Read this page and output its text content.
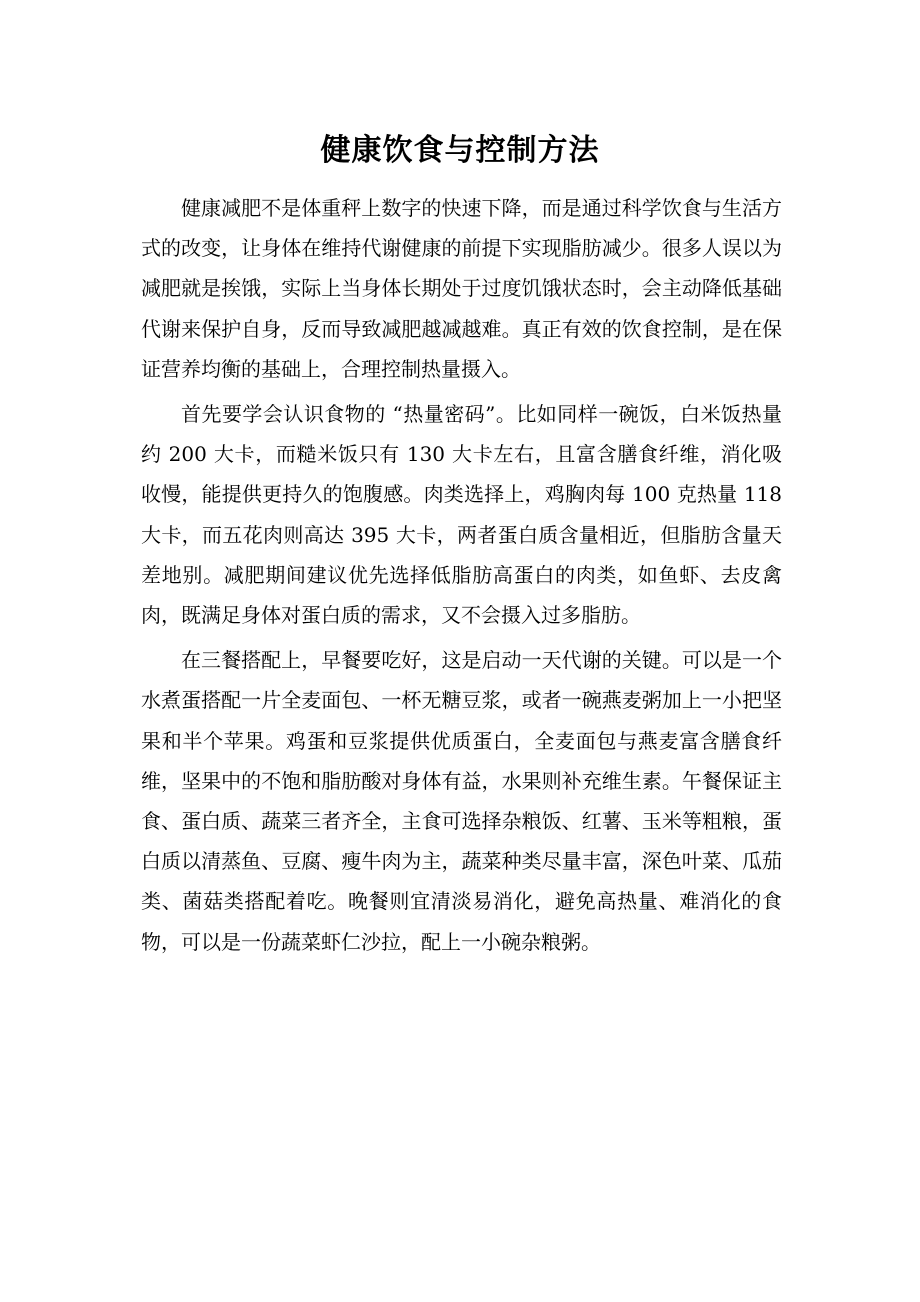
健康饮食与控制方法

健康减肥不是体重秤上数字的快速下降，而是通过科学饮食与生活方式的改变，让身体在维持代谢健康的前提下实现脂肪减少。很多人误以为减肥就是挨饿，实际上当身体长期处于过度饥饿状态时，会主动降低基础代谢来保护自身，反而导致减肥越减越难。真正有效的饮食控制，是在保证营养均衡的基础上，合理控制热量摄入。

首先要学会认识食物的 “热量密码”。比如同样一碗饭，白米饭热量约 200 大卡，而糙米饭只有 130 大卡左右，且富含膳食纤维，消化吸收慢，能提供更持久的饱腹感。肉类选择上，鸡胸肉每 100 克热量 118 大卡，而五花肉则高达 395 大卡，两者蛋白质含量相近，但脂肪含量天差地别。减肥期间建议优先选择低脂肪高蛋白的肉类，如鱼虾、去皮禽肉，既满足身体对蛋白质的需求，又不会摄入过多脂肪。

在三餐搭配上，早餐要吃好，这是启动一天代谢的关键。可以是一个水煮蛋搭配一片全麦面包、一杯无糖豆浆，或者一碗燕麦粥加上一小把坚果和半个苹果。鸡蛋和豆浆提供优质蛋白，全麦面包与燕麦富含膳食纤维，坚果中的不饱和脂肪酸对身体有益，水果则补充维生素。午餐保证主食、蛋白质、蔬菜三者齐全，主食可选择杂粮饭、红薯、玉米等粗粮，蛋白质以清蒸鱼、豆腐、瘦牛肉为主，蔬菜种类尽量丰富，深色叶菜、瓜茄类、菌菇类搭配着吃。晚餐则宜清淡易消化，避免高热量、难消化的食物，可以是一份蔬菜虾仁沙拉，配上一小碗杂粮粥。
